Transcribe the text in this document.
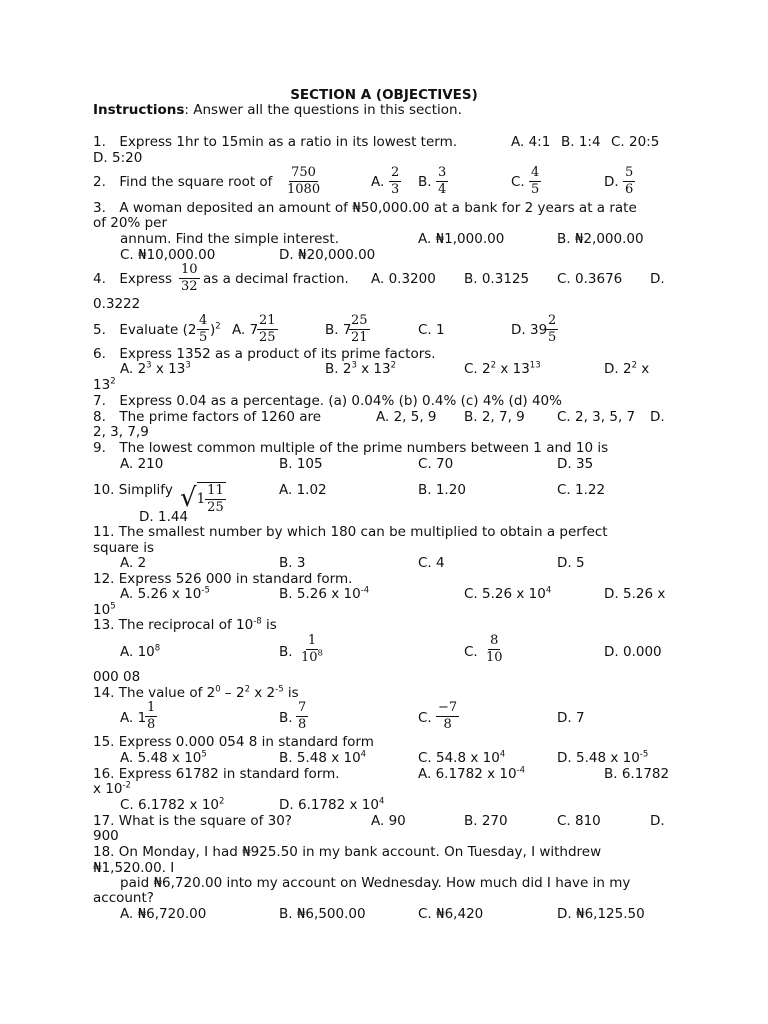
SECTION A (OBJECTIVES)
Instructions: Answer all the questions in this section.
1. Express 1hr to 15min as a ratio in its lowest term.	A. 4:1 B. 1:4 C. 20:5
D. 5:20
2. Find the square root of $\frac{750}{1080}$	A. $\frac{2}{3} B$. $\frac{3}{4}$	C. $\frac{4}{5}$	D. $\frac{5}{6}$
3. A woman deposited an amount of ₦50,000.00 at a bank for 2 years at a rate
of 20% per
annum. Find the simple interest.	A. ₦1,000.00	B. ₦2,000.00
C. ₦10,000.00	D. ₦20,000.00
4. Express $\frac{10}{32}$ as a decimal fraction. A. 0.3200 B. 0.3125 C. 0.3676 D.
0.3222
5. Evaluate $(2 \frac{4}{5} )^2$ A. 7
$\frac{21}{25}$	B. 7
$\frac{25}{21}$	C. 1	D. 39
$\frac{2}{5}$
6. Express 1352 as a product of its prime factors.
A. $2^3$ x $13^3$	B. $2^3$ x $13^2$	C. $2^2$ x $13^{13}$	D. $2^2$ x
$13^2$
7. Express 0.04 as a percentage. (a) 0.04% (b) 0.4% (c) 4% (d) 40%
8. The prime factors of 1260 are	A. 2, 5, 9 B. 2, 7, 9 C. 2, 3, 5, 7 D.
2, 3, 7,9
9. The lowest common multiple of the prime numbers between 1 and 10 is
A. 210	B. 105	C. 70	D. 35
10. Simplify $√1 \frac{11}{25}$	A. 1.02	B. 1.20	C. 1.22
D. 1.44
11. The smallest number by which 180 can be multiplied to obtain a perfect
square is
A. 2	B. 3	C. 4	D. 5
12. Express 526 000 in standard form.
A. 5.26 x $10^{-5}$	B. 5.26 x $10^{-4}$	C. 5.26 x $10^4$	D. 5.26 x
$10^5$
13. The reciprocal of $10^{-8}$ is
A. $10^8$	B. $\frac{1}{10^8}$	C. $\frac{8}{10}$	D. 0.000
000 08
14. The value of $2^0 - 2^2$ x $2^{-5}$ is
A. 1
$\frac{1}{8}$	B. $\frac{7}{8}$	C. $\frac{-7}{8}$	D. 7
15. Express 0.000 054 8 in standard form
A. 5.48 x $10^5$	B. 5.48 x $10^4$	C. 54.8 x $10^4$	D. 5.48 x $10^{-5}$
16. Express 61782 in standard form.	A. 6.1782 x $10^{-4}$	B. 6.1782
x $10^{-2}$
C. 6.1782 x $10^2$	D. 6.1782 x $10^4$
17. What is the square of 30?	A. 90	B. 270	C. 810	D.
900
18. On Monday, I had ₦925.50 in my bank account. On Tuesday, I withdrew
₦1,520.00. I
paid ₦6,720.00 into my account on Wednesday. How much did I have in my
account?
A. ₦6,720.00	B. ₦6,500.00	C. ₦6,420	D. ₦6,125.50
